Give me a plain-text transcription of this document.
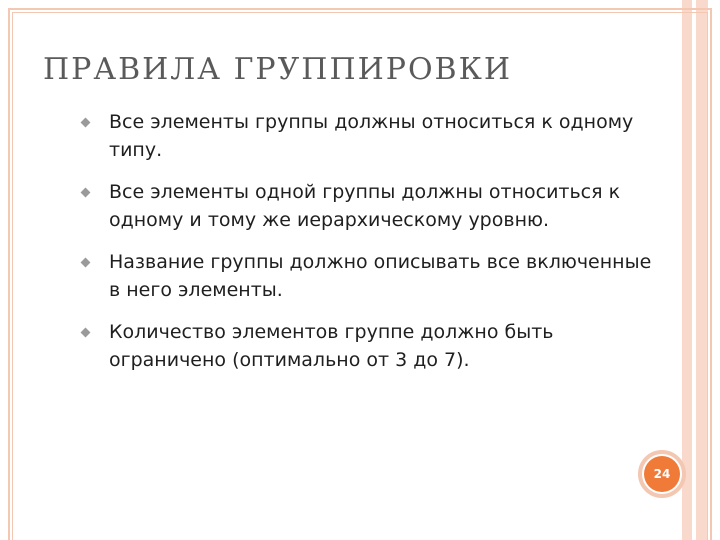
ПРАВИЛА ГРУППИРОВКИ
Все элементы группы должны относиться к одному типу.
Все элементы одной группы должны относиться к одному и тому же иерархическому уровню.
Название группы должно описывать все включенные в него элементы.
Количество элементов группе должно быть ограничено (оптимально от 3 до 7).
24
